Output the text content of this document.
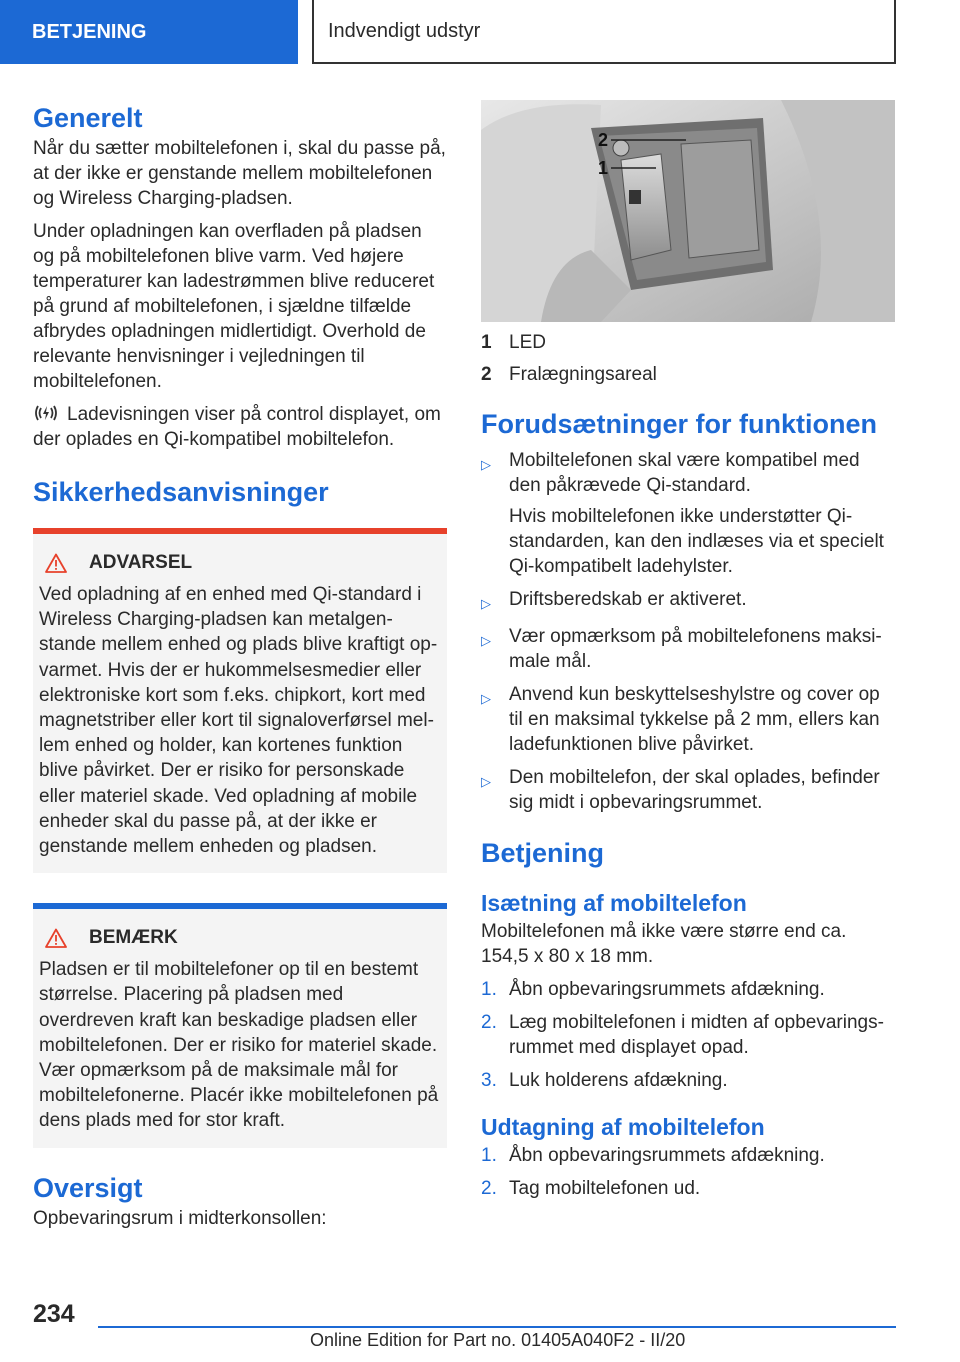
BETJENING	Indvendigt udstyr
Generelt

Når du sætter mobiltelefonen i, skal du passe på, at der ikke er genstande mellem mobiltelefonen og Wireless Charging-pladsen.

Under opladningen kan overfladen på pladsen og på mobiltelefonen blive varm. Ved højere temperaturer kan ladestrømmen blive reduceret på grund af mobiltelefonen, i sjældne tilfælde afbrydes opladningen midlertidigt. Overhold de relevante henvisninger i vejledningen til mobiltelefonen.

Ladevisningen viser på control displayet, om der oplades en Qi-kompatibel mobiltelefon.

Sikkerhedsanvisninger
ADVARSEL
Ved opladning af en enhed med Qi-standard i Wireless Charging-pladsen kan metalgenstande mellem enhed og plads blive kraftigt opvarmet. Hvis der er hukommelsesmedier eller elektroniske kort som f.eks. chipkort, kort med magnetstriber eller kort til signaloverførsel mellem enhed og holder, kan kortenes funktion blive påvirket. Der er risiko for personskade eller materiel skade. Ved opladning af mobile enheder skal du passe på, at der ikke er genstande mellem enheden og pladsen.
BEMÆRK
Pladsen er til mobiltelefoner op til en bestemt størrelse. Placering på pladsen med overdreven kraft kan beskadige pladsen eller mobiltelefonen. Der er risiko for materiel skade. Vær opmærksom på de maksimale mål for mobiltelefonerne. Placér ikke mobiltelefonen på dens plads med for stor kraft.
Oversigt

Opbevaringsrum i midterkonsollen:

2
1
1 LED
2 Fralægningsareal
Forudsætninger for funktionen
▷ Mobiltelefonen skal være kompatibel med den påkrævede Qi-standard.
Hvis mobiltelefonen ikke understøtter Qi-standarden, kan den indlæses via et specielt Qi-kompatibelt ladehylster.
▷ Driftsberedskab er aktiveret.
▷ Vær opmærksom på mobiltelefonens maksimale mål.
▷ Anvend kun beskyttelseshylstre og cover op til en maksimal tykkelse på 2 mm, ellers kan ladefunktionen blive påvirket.
▷ Den mobiltelefon, der skal oplades, befinder sig midt i opbevaringsrummet.
Betjening
Isætning af mobiltelefon

Mobiltelefonen må ikke være større end ca. 154,5 x 80 x 18 mm.

1. Åbn opbevaringsrummets afdækning.
2. Læg mobiltelefonen i midten af opbevaringsrummet med displayet opad.
3. Luk holderens afdækning.
Udtagning af mobiltelefon
1. Åbn opbevaringsrummets afdækning.
2. Tag mobiltelefonen ud.
234
Online Edition for Part no. 01405A040F2 - II/20
